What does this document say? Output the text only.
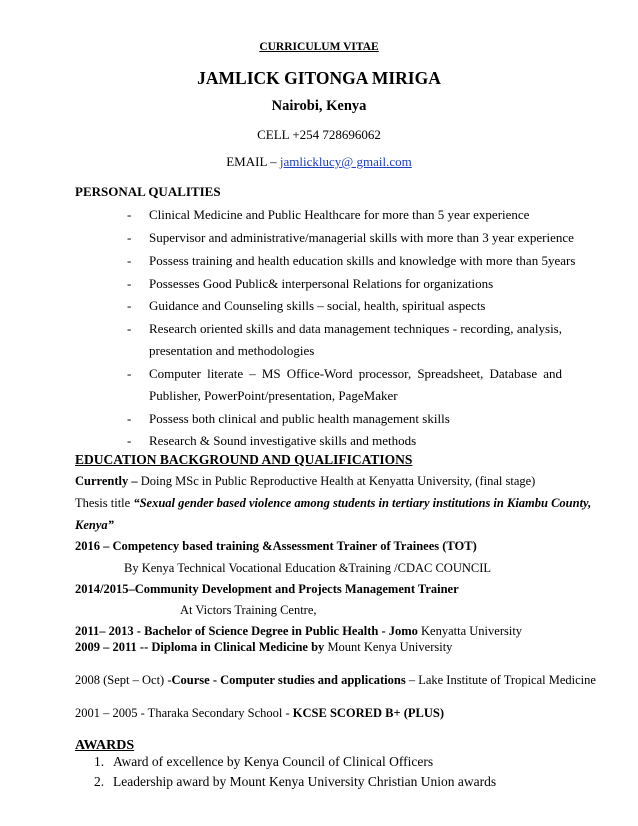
CURRICULUM VITAE
JAMLICK GITONGA MIRIGA
Nairobi, Kenya
CELL +254 728696062
EMAIL – jamlicklucy@ gmail.com
PERSONAL QUALITIES
- Clinical Medicine and Public Healthcare for more than 5 year experience
- Supervisor and administrative/managerial skills with more than 3 year experience
- Possess training and health education skills and knowledge with more than 5years
- Possesses Good Public& interpersonal Relations for organizations
- Guidance and Counseling skills – social, health, spiritual aspects
- Research oriented skills and data management techniques - recording, analysis,
presentation and methodologies
- Computer literate – MS Office-Word processor, Spreadsheet, Database and
Publisher, PowerPoint/presentation, PageMaker
- Possess both clinical and public health management skills
- Research & Sound investigative skills and methods
EDUCATION BACKGROUND AND QUALIFICATIONS
Currently – Doing MSc in Public Reproductive Health at Kenyatta University, (final stage)
Thesis title “Sexual gender based violence among students in tertiary institutions in Kiambu County,
Kenya”
2016 – Competency based training &Assessment Trainer of Trainees (TOT)
By Kenya Technical Vocational Education &Training /CDAC COUNCIL
2014/2015–Community Development and Projects Management Trainer
At Victors Training Centre,
2011– 2013 - Bachelor of Science Degree in Public Health - Jomo Kenyatta University
2009 – 2011 -- Diploma in Clinical Medicine by Mount Kenya University
2008 (Sept – Oct) -Course - Computer studies and applications – Lake Institute of Tropical Medicine
2001 – 2005 - Tharaka Secondary School - KCSE SCORED B+ (PLUS)
AWARDS
1. Award of excellence by Kenya Council of Clinical Officers
2. Leadership award by Mount Kenya University Christian Union awards
